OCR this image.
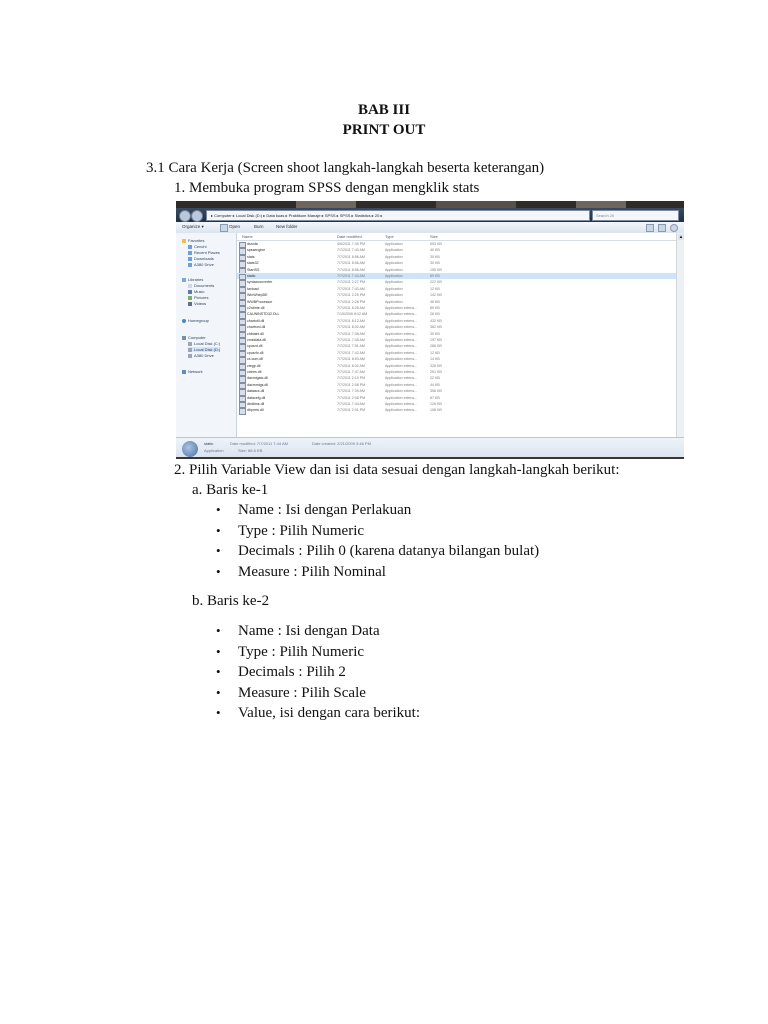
BAB III
PRINT OUT
3.1 Cara Kerja (Screen shoot langkah-langkah beserta keterangan)
1. Membuka program SPSS dengan mengklik stats
▸ Computer ▸ Local Disk (D:) ▸ Data kuas ▸ Praktikum Manaje ▸ SPSS ▸ SPSS ▸ Statistics ▸ 20 ▸	Search 20
Organize ▾	Open	Burn	New folder
Favorites
Cenchi
Recent Places
Downloads
A380 Drive
Libraries
Documents
Music
Pictures
Videos
Homegroup
Computer
Local Disk (C:)
Local Disk (D:)
A380 Drive
Network
Name	Date modified	Type	Size
dsnolic	4/6/2011 7:39 PM	Application	653 KB
spssengine	7/7/2011 7:43 AM	Application	40 KB
stats	7/7/2011 8:56 AM	Application	30 KB
stats32	7/7/2011 8:56 AM	Application	30 KB
StartSS	7/7/2011 8:56 AM	Application	155 KB
static	7/7/2011 7:44 AM	Application	89 KB
syntaxconverter	7/7/2011 2:27 PM	Application	222 KB
taxload	7/7/2011 7:43 AM	Application	12 KB
WinWhepDE	7/7/2011 2:25 PM	Application	142 KB
WWBProcessor	7/7/2011 2:28 PM	Application	46 KB
c2rdinte.dll	7/7/2011 6:28 AM	Application extens...	89 KB
CAUNINSTD32.DLL	7/15/2006 8:02 AM	Application extens...	28 KB
chartutil.dll	7/7/2011 8:12 AM	Application extens...	432 KB
chartsml.dll	7/7/2011 8:02 AM	Application extens...	382 KB
chktalnl.dll	7/7/2011 7:38 AM	Application extens...	30 KB
cmsldata.dll	7/7/2011 7:45 AM	Application extens...	197 KB
cpusrd.dll	7/7/2011 7:51 AM	Application extens...	286 KB
cpusrfo.dll	7/7/2011 7:42 AM	Application extens...	12 KB
cs.cum.dll	7/7/2011 8:53 AM	Application extens...	14 KB
ctegp.dll	7/7/2011 8:32 AM	Application extens...	328 KB
ctrees.dll	7/7/2011 7:47 AM	Application extens...	251 KB
dacmigatc.dll	7/7/2011 2:19 PM	Application extens...	22 KB
dacmmigs.dll	7/7/2011 2:08 PM	Application extens...	44 KB
dataacs.dll	7/7/2011 7:39 AM	Application extens...	358 KB
datacsfg.dll	7/7/2011 2:08 PM	Application extens...	87 KB
dbdtims.dll	7/7/2011 7:44 AM	Application extens...	126 KB
dbprms.dll	7/7/2011 2:01 PM	Application extens...	108 KB
▴
static
Application
Date modified: 7/7/2011 7:44 AM
Size: 88.6 KB
Date created: 2/21/2009 3:46 PM
2. Pilih Variable View dan isi data sesuai dengan langkah-langkah berikut:
a. Baris ke-1
• Name : Isi dengan Perlakuan
• Type : Pilih Numeric
• Decimals : Pilih 0 (karena datanya bilangan bulat)
• Measure : Pilih Nominal
b. Baris ke-2
• Name : Isi dengan Data
• Type : Pilih Numeric
• Decimals : Pilih 2
• Measure : Pilih Scale
• Value, isi dengan cara berikut:
